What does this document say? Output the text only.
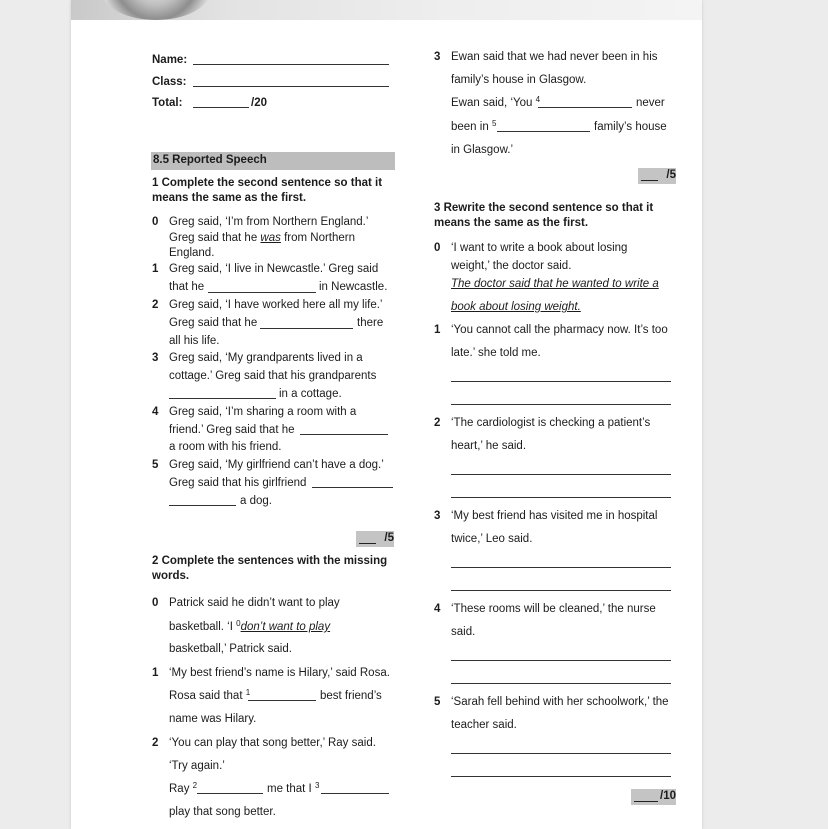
Name:
Class:
Total:	/20
8.5 Reported Speech
1 Complete the second sentence so that it
means the same as the first.
0 Greg said, ‘I’m from Northern England.’
Greg said that he was from Northern
England.
1 Greg said, ‘I live in Newcastle.’ Greg said
that he	in Newcastle.
2 Greg said, ‘I have worked here all my life.’
Greg said that he	there
all his life.
3 Greg said, ‘My grandparents lived in a
cottage.’ Greg said that his grandparents
in a cottage.
4 Greg said, ‘I’m sharing a room with a
friend.’ Greg said that he
a room with his friend.
5 Greg said, ‘My girlfriend can’t have a dog.’
Greg said that his girlfriend
a dog.
/5
2 Complete the sentences with the missing
words.
0 Patrick said he didn’t want to play
basketball. ‘I $^0$don’t want to play
basketball,’ Patrick said.
1 ‘My best friend’s name is Hilary,’ said Rosa.
Rosa said that $^1$	best friend’s
name was Hilary.
2 ‘You can play that song better,’ Ray said.
‘Try again.’
Ray $^2$	me that I $^3$
play that song better.
3 Ewan said that we had never been in his
family’s house in Glasgow.
Ewan said, ‘You $^4$	never
been in $^5$	family’s house
in Glasgow.’
/5
3 Rewrite the second sentence so that it
means the same as the first.
0 ‘I want to write a book about losing
weight,’ the doctor said.
The doctor said that he wanted to write a
book about losing weight.
1 ‘You cannot call the pharmacy now. It’s too
late.’ she told me.
2 ‘The cardiologist is checking a patient’s
heart,’ he said.
3 ‘My best friend has visited me in hospital
twice,’ Leo said.
4 ‘These rooms will be cleaned,’ the nurse
said.
5 ‘Sarah fell behind with her schoolwork,’ the
teacher said.
/10
